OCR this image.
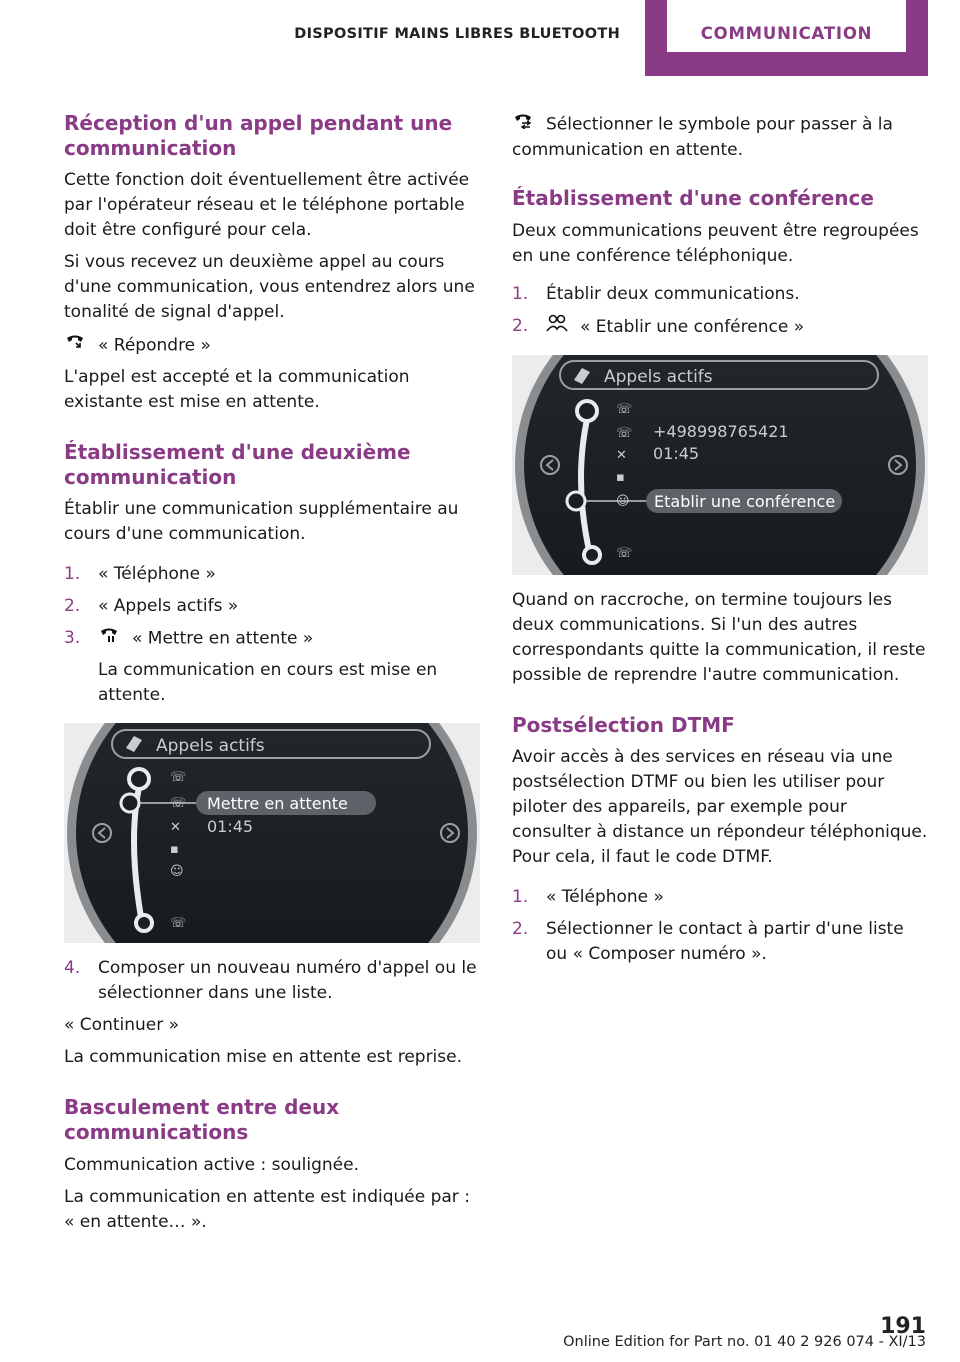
DISPOSITIF MAINS LIBRES BLUETOOTH	COMMUNICATION
Réception d'un appel pendant une communication
Cette fonction doit éventuellement être activée par l'opérateur réseau et le téléphone portable doit être configuré pour cela.
Si vous recevez un deuxième appel au cours d'une communication, vous entendrez alors une tonalité de signal d'appel.
« Répondre »
L'appel est accepté et la communication existante est mise en attente.
Établissement d'une deuxième communication
Établir une communication supplémentaire au cours d'une communication.
1. « Téléphone »
2. « Appels actifs »
3.	« Mettre en attente »
La communication en cours est mise en attente.
Appels actifs
Mettre en attente
01:45
☏
☏
✕
▪
☺
☏
4. Composer un nouveau numéro d'appel ou le sélectionner dans une liste.
« Continuer »
La communication mise en attente est reprise.
Basculement entre deux communications
Communication active : soulignée.
La communication en attente est indiquée par : « en attente… ».
Sélectionner le symbole pour passer à la communication en attente.
Établissement d'une conférence
Deux communications peuvent être regroupées en une conférence téléphonique.
1. Établir deux communications.
2.	« Etablir une conférence »
Appels actifs
+498998765421
01:45
Etablir une conférence
☏
☏
✕
▪
☺
☏
Quand on raccroche, on termine toujours les deux communications. Si l'un des autres correspondants quitte la communication, il reste possible de reprendre l'autre communication.
Postsélection DTMF
Avoir accès à des services en réseau via une postsélection DTMF ou bien les utiliser pour piloter des appareils, par exemple pour consulter à distance un répondeur téléphonique. Pour cela, il faut le code DTMF.
1. « Téléphone »
2. Sélectionner le contact à partir d'une liste ou « Composer numéro ».
191
Online Edition for Part no. 01 40 2 926 074 - XI/13
